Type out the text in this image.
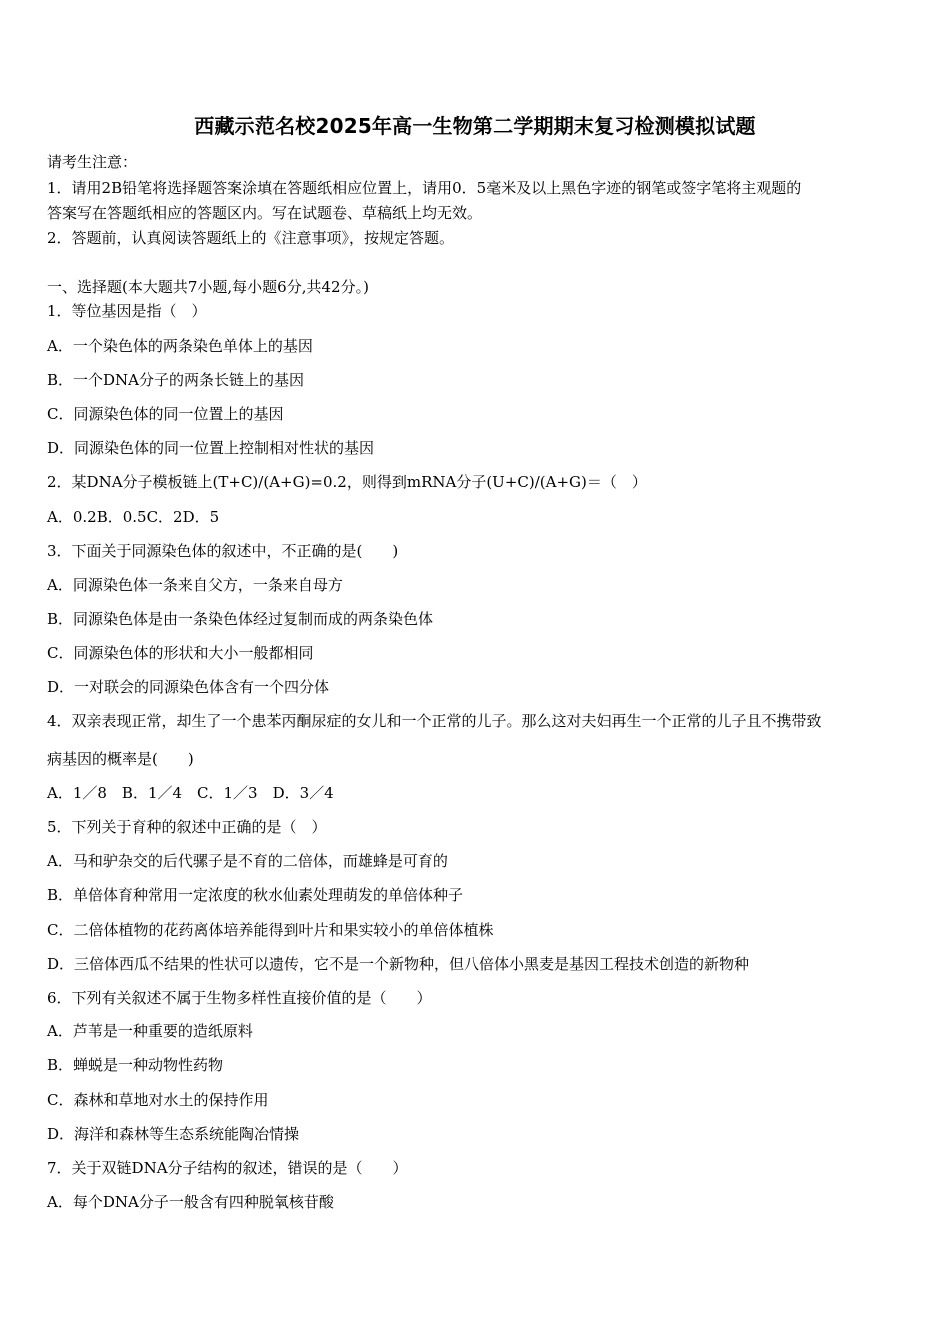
西藏示范名校2025年高一生物第二学期期末复习检测模拟试题
请考生注意：
1．请用2B铅笔将选择题答案涂填在答题纸相应位置上，请用0．5毫米及以上黑色字迹的钢笔或签字笔将主观题的
答案写在答题纸相应的答题区内。写在试题卷、草稿纸上均无效。
2．答题前，认真阅读答题纸上的《注意事项》，按规定答题。
一、选择题(本大题共7小题,每小题6分,共42分。)
1．等位基因是指（　）
A．一个染色体的两条染色单体上的基因
B．一个DNA分子的两条长链上的基因
C．同源染色体的同一位置上的基因
D．同源染色体的同一位置上控制相对性状的基因
2．某DNA分子模板链上(T+C)/(A+G)=0.2，则得到mRNA分子(U+C)/(A+G)＝（　）
A．0.2B．0.5C．2D．5
3．下面关于同源染色体的叙述中，不正确的是(　　)
A．同源染色体一条来自父方，一条来自母方
B．同源染色体是由一条染色体经过复制而成的两条染色体
C．同源染色体的形状和大小一般都相同
D．一对联会的同源染色体含有一个四分体
4．双亲表现正常，却生了一个患苯丙酮尿症的女儿和一个正常的儿子。那么这对夫妇再生一个正常的儿子且不携带致
病基因的概率是(　　)
A．1／8　B．1／4　C．1／3　D．3／4
5．下列关于育种的叙述中正确的是（　）
A．马和驴杂交的后代骡子是不育的二倍体，而雄蜂是可育的
B．单倍体育种常用一定浓度的秋水仙素处理萌发的单倍体种子
C．二倍体植物的花药离体培养能得到叶片和果实较小的单倍体植株
D．三倍体西瓜不结果的性状可以遗传，它不是一个新物种，但八倍体小黑麦是基因工程技术创造的新物种
6．下列有关叙述不属于生物多样性直接价值的是（　　）
A．芦苇是一种重要的造纸原料
B．蝉蜕是一种动物性药物
C．森林和草地对水土的保持作用
D．海洋和森林等生态系统能陶冶情操
7．关于双链DNA分子结构的叙述，错误的是（　　）
A．每个DNA分子一般含有四种脱氧核苷酸
